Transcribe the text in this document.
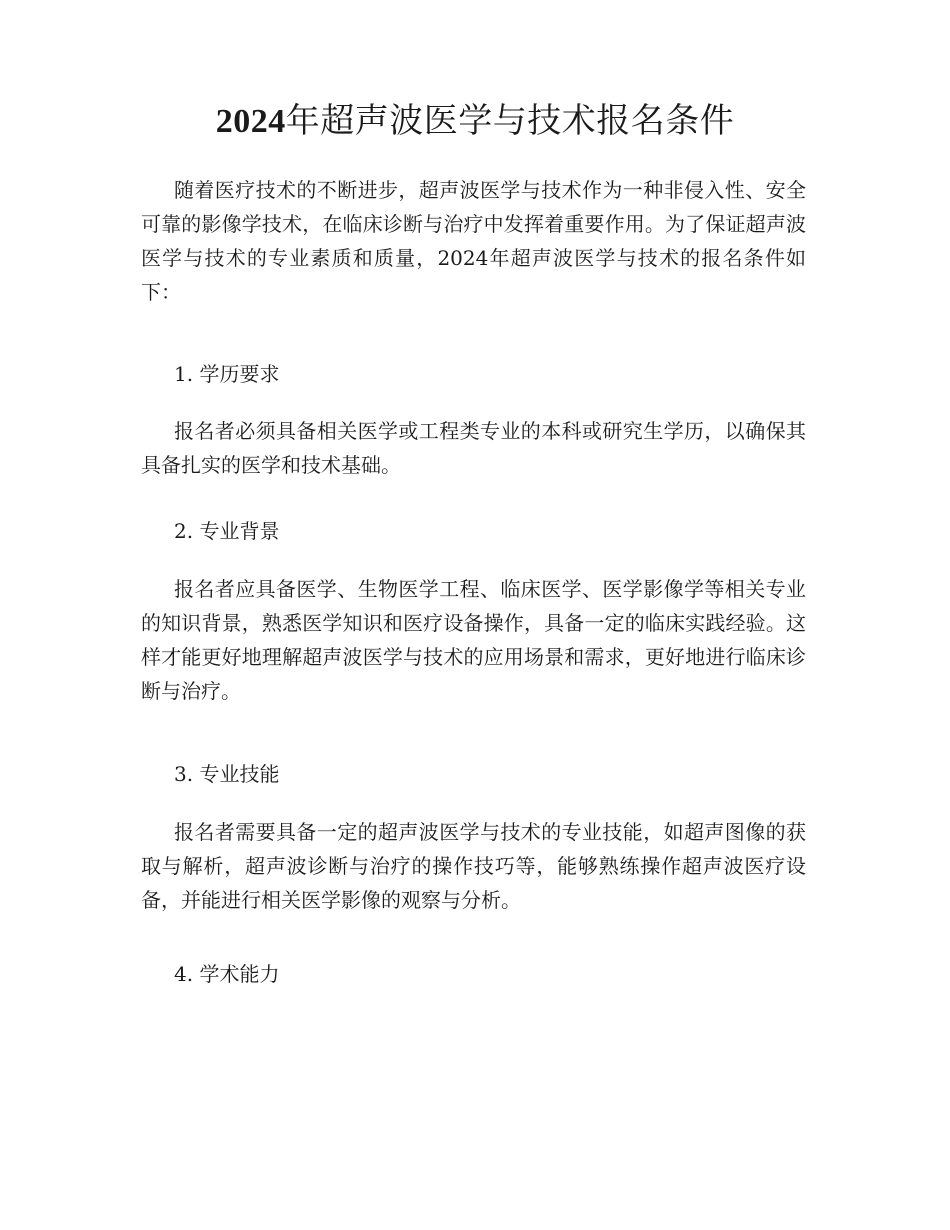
2024年超声波医学与技术报名条件

随着医疗技术的不断进步，超声波医学与技术作为一种非侵入性、安全可靠的影像学技术，在临床诊断与治疗中发挥着重要作用。为了保证超声波医学与技术的专业素质和质量，2024年超声波医学与技术的报名条件如下：

1. 学历要求

报名者必须具备相关医学或工程类专业的本科或研究生学历，以确保其具备扎实的医学和技术基础。

2. 专业背景

报名者应具备医学、生物医学工程、临床医学、医学影像学等相关专业的知识背景，熟悉医学知识和医疗设备操作，具备一定的临床实践经验。这样才能更好地理解超声波医学与技术的应用场景和需求，更好地进行临床诊断与治疗。

3. 专业技能

报名者需要具备一定的超声波医学与技术的专业技能，如超声图像的获取与解析，超声波诊断与治疗的操作技巧等，能够熟练操作超声波医疗设备，并能进行相关医学影像的观察与分析。

4. 学术能力
